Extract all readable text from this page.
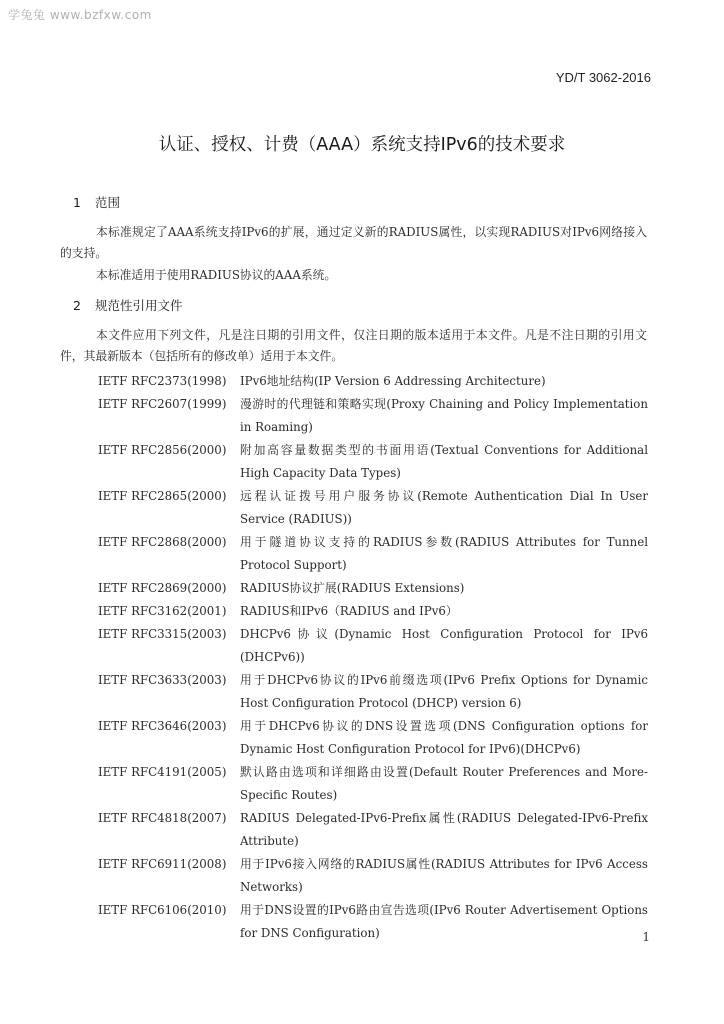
学兔兔 www.bzfxw.com
YD/T 3062-2016
认证、授权、计费（AAA）系统支持IPv6的技术要求
1 范围
本标准规定了AAA系统支持IPv6的扩展，通过定义新的RADIUS属性，以实现RADIUS对IPv6网络接入的支持。
本标准适用于使用RADIUS协议的AAA系统。
2 规范性引用文件
本文件应用下列文件，凡是注日期的引用文件，仅注日期的版本适用于本文件。凡是不注日期的引用文件，其最新版本（包括所有的修改单）适用于本文件。
IETF RFC2373(1998)	IPv6地址结构(IP Version 6 Addressing Architecture)
IETF RFC2607(1999)	漫游时的代理链和策略实现(Proxy Chaining and Policy Implementation in Roaming)
IETF RFC2856(2000)	附加高容量数据类型的书面用语(Textual Conventions for Additional High Capacity Data Types)
IETF RFC2865(2000)	远程认证拨号用户服务协议(Remote Authentication Dial In User Service (RADIUS))
IETF RFC2868(2000)	用于隧道协议支持的RADIUS参数(RADIUS Attributes for Tunnel Protocol Support)
IETF RFC2869(2000)	RADIUS协议扩展(RADIUS Extensions)
IETF RFC3162(2001)	RADIUS和IPv6（RADIUS and IPv6）
IETF RFC3315(2003)	DHCPv6协议(Dynamic Host Configuration Protocol for IPv6 (DHCPv6))
IETF RFC3633(2003)	用于DHCPv6协议的IPv6前缀选项(IPv6 Prefix Options for Dynamic Host Configuration Protocol (DHCP) version 6)
IETF RFC3646(2003)	用于DHCPv6协议的DNS设置选项(DNS Configuration options for Dynamic Host Configuration Protocol for IPv6)(DHCPv6)
IETF RFC4191(2005)	默认路由选项和详细路由设置(Default Router Preferences and More-Specific Routes)
IETF RFC4818(2007)	RADIUS Delegated-IPv6-Prefix属性(RADIUS Delegated-IPv6-Prefix Attribute)
IETF RFC6911(2008)	用于IPv6接入网络的RADIUS属性(RADIUS Attributes for IPv6 Access Networks)
IETF RFC6106(2010)	用于DNS设置的IPv6路由宣告选项(IPv6 Router Advertisement Options for DNS Configuration)	1
